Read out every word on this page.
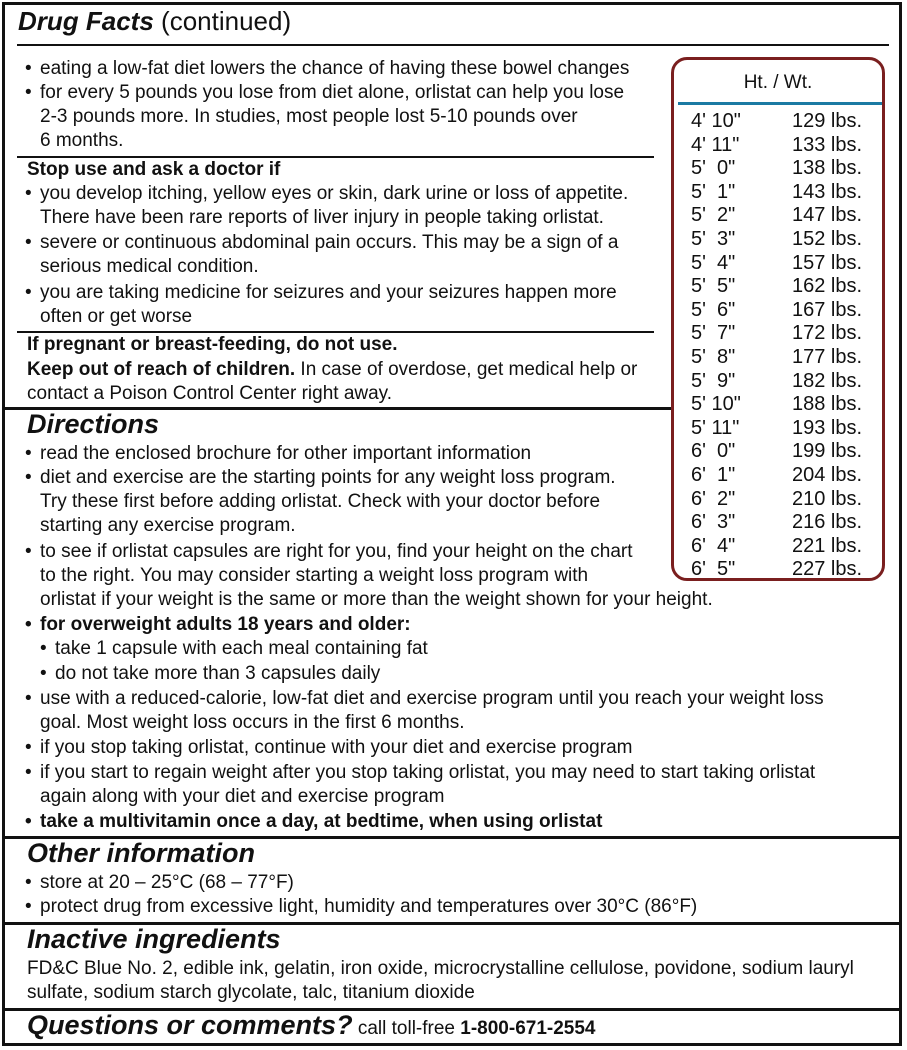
Drug Facts (continued)
• eating a low-fat diet lowers the chance of having these bowel changes
• for every 5 pounds you lose from diet alone, orlistat can help you lose
2-3 pounds more. In studies, most people lost 5-10 pounds over
6 months.
Stop use and ask a doctor if
• you develop itching, yellow eyes or skin, dark urine or loss of appetite.
There have been rare reports of liver injury in people taking orlistat.
• severe or continuous abdominal pain occurs. This may be a sign of a
serious medical condition.
• you are taking medicine for seizures and your seizures happen more
often or get worse
If pregnant or breast-feeding, do not use.
Keep out of reach of children. In case of overdose, get medical help or
contact a Poison Control Center right away.
Directions
• read the enclosed brochure for other important information
• diet and exercise are the starting points for any weight loss program.
Try these first before adding orlistat. Check with your doctor before
starting any exercise program.
• to see if orlistat capsules are right for you, find your height on the chart
to the right. You may consider starting a weight loss program with
orlistat if your weight is the same or more than the weight shown for your height.
• for overweight adults 18 years and older:
• take 1 capsule with each meal containing fat
• do not take more than 3 capsules daily
• use with a reduced-calorie, low-fat diet and exercise program until you reach your weight loss
goal. Most weight loss occurs in the first 6 months.
• if you stop taking orlistat, continue with your diet and exercise program
• if you start to regain weight after you stop taking orlistat, you may need to start taking orlistat
again along with your diet and exercise program
• take a multivitamin once a day, at bedtime, when using orlistat
Other information
• store at 20 – 25°C (68 – 77°F)
• protect drug from excessive light, humidity and temperatures over 30°C (86°F)
Inactive ingredients
FD&C Blue No. 2, edible ink, gelatin, iron oxide, microcrystalline cellulose, povidone, sodium lauryl
sulfate, sodium starch glycolate, talc, titanium dioxide
Questions or comments? call toll-free 1-800-671-2554
Ht. / Wt.
4' 10"	129 lbs.
4' 11"	133 lbs.
5'  0"	138 lbs.
5'  1"	143 lbs.
5'  2"	147 lbs.
5'  3"	152 lbs.
5'  4"	157 lbs.
5'  5"	162 lbs.
5'  6"	167 lbs.
5'  7"	172 lbs.
5'  8"	177 lbs.
5'  9"	182 lbs.
5' 10"	188 lbs.
5' 11"	193 lbs.
6'  0"	199 lbs.
6'  1"	204 lbs.
6'  2"	210 lbs.
6'  3"	216 lbs.
6'  4"	221 lbs.
6'  5"	227 lbs.
